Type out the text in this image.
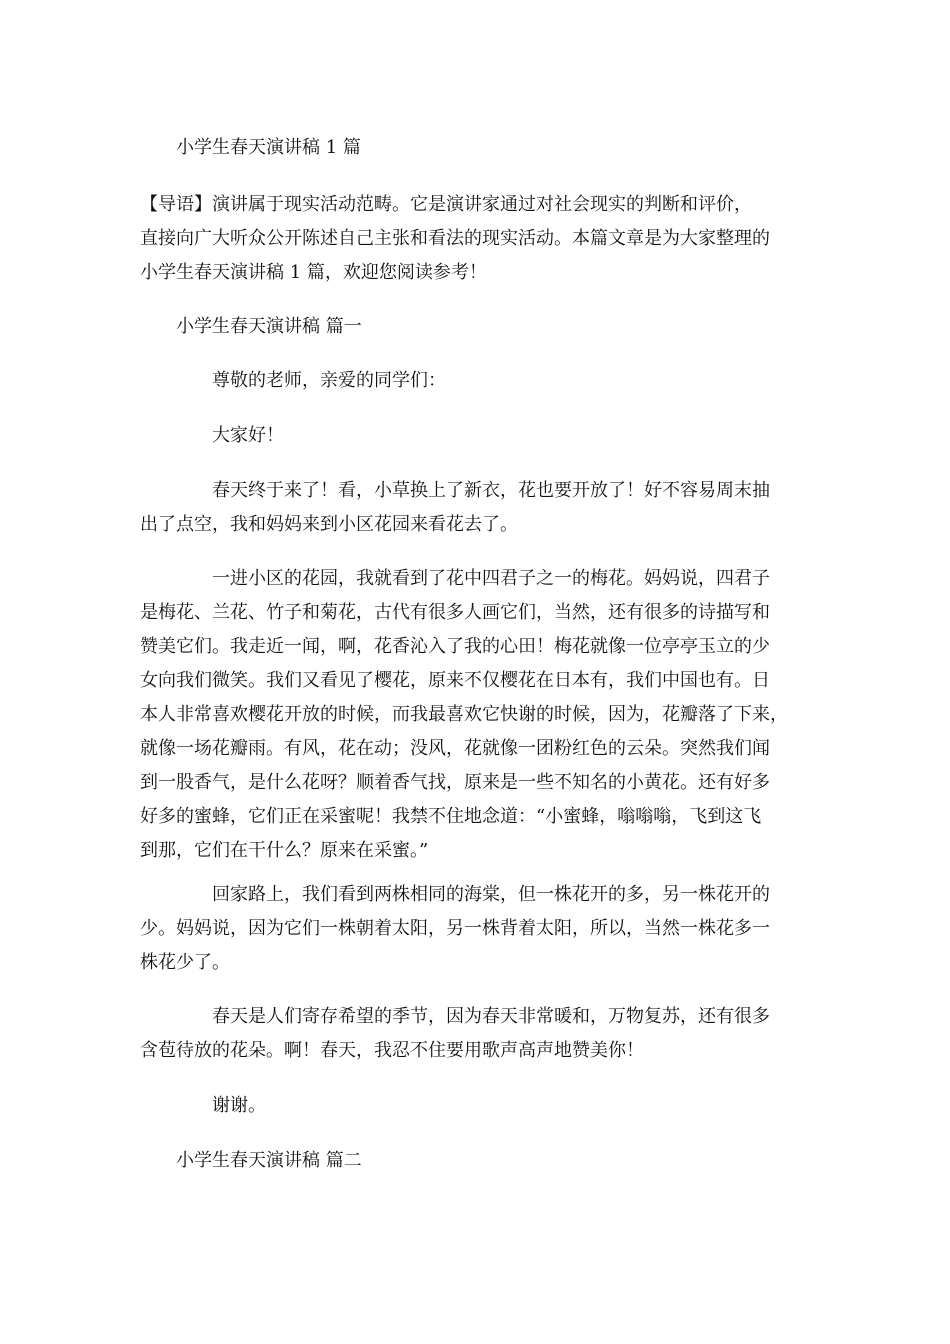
小学生春天演讲稿 1 篇
【导语】演讲属于现实活动范畴。它是演讲家通过对社会现实的判断和评价，
直接向广大听众公开陈述自己主张和看法的现实活动。本篇文章是为大家整理的
小学生春天演讲稿 1 篇，欢迎您阅读参考！
小学生春天演讲稿 篇一
尊敬的老师，亲爱的同学们：
大家好！
春天终于来了！看，小草换上了新衣，花也要开放了！好不容易周末抽
出了点空，我和妈妈来到小区花园来看花去了。
一进小区的花园，我就看到了花中四君子之一的梅花。妈妈说，四君子
是梅花、兰花、竹子和菊花，古代有很多人画它们，当然，还有很多的诗描写和
赞美它们。我走近一闻，啊，花香沁入了我的心田！梅花就像一位亭亭玉立的少
女向我们微笑。我们又看见了樱花，原来不仅樱花在日本有，我们中国也有。日
本人非常喜欢樱花开放的时候，而我最喜欢它快谢的时候，因为，花瓣落了下来，
就像一场花瓣雨。有风，花在动；没风，花就像一团粉红色的云朵。突然我们闻
到一股香气，是什么花呀？顺着香气找，原来是一些不知名的小黄花。还有好多
好多的蜜蜂，它们正在采蜜呢！我禁不住地念道：“小蜜蜂，嗡嗡嗡，飞到这飞
到那，它们在干什么？原来在采蜜。”
回家路上，我们看到两株相同的海棠，但一株花开的多，另一株花开的
少。妈妈说，因为它们一株朝着太阳，另一株背着太阳，所以，当然一株花多一
株花少了。
春天是人们寄存希望的季节，因为春天非常暖和，万物复苏，还有很多
含苞待放的花朵。啊！春天，我忍不住要用歌声高声地赞美你！
谢谢。
小学生春天演讲稿 篇二
